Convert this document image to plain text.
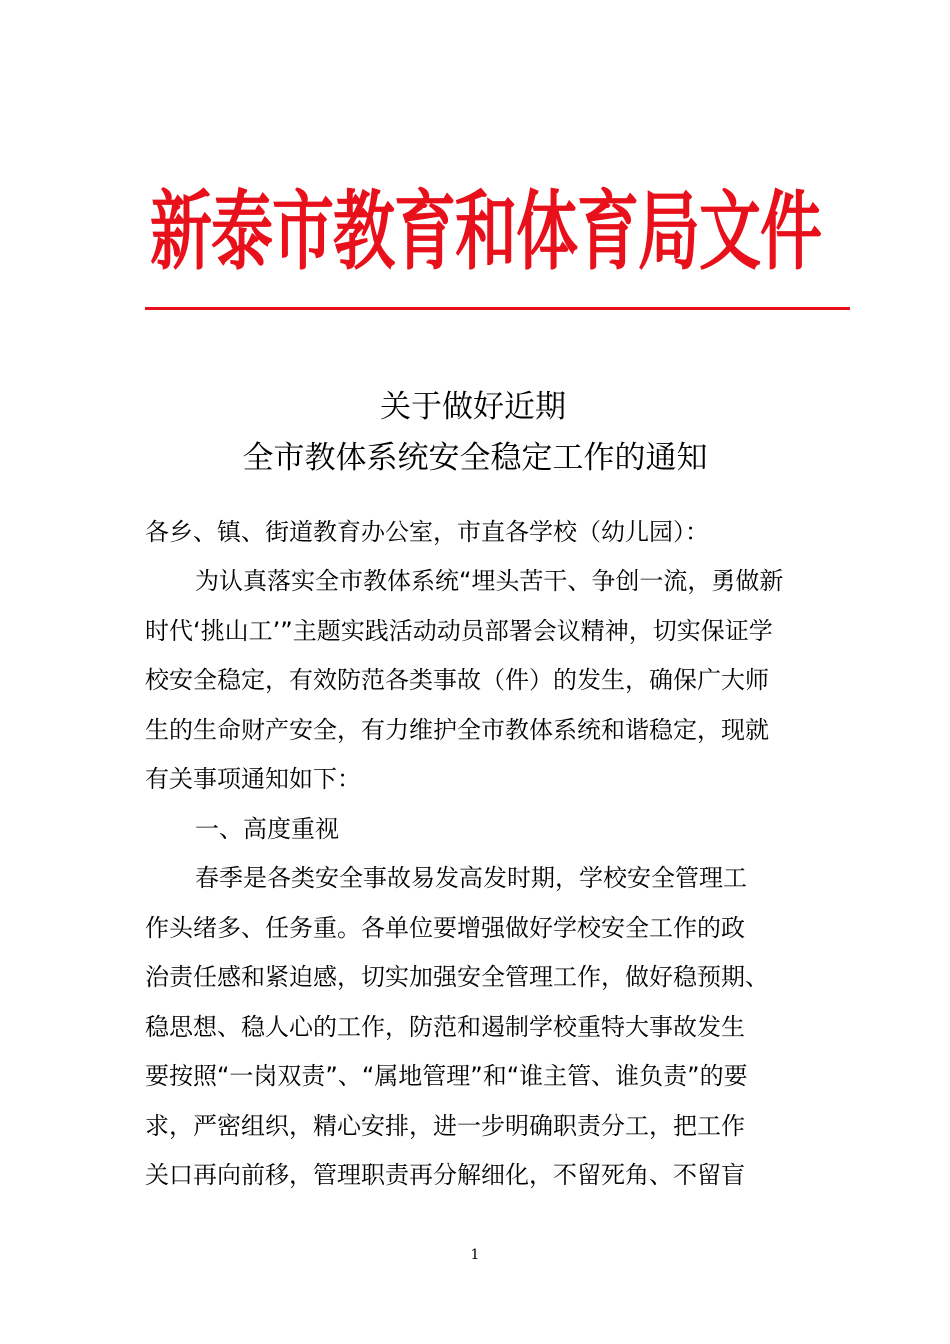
新泰市教育和体育局文件
关于做好近期
全市教体系统安全稳定工作的通知

各乡、镇、街道教育办公室，市直各学校（幼儿园）：

为认真落实全市教体系统“埋头苦干、争创一流，勇做新

时代‘挑山工’”主题实践活动动员部署会议精神，切实保证学

校安全稳定，有效防范各类事故（件）的发生，确保广大师

生的生命财产安全，有力维护全市教体系统和谐稳定，现就

有关事项通知如下：

一、高度重视

春季是各类安全事故易发高发时期，学校安全管理工

作头绪多、任务重。各单位要增强做好学校安全工作的政

治责任感和紧迫感，切实加强安全管理工作，做好稳预期、

稳思想、稳人心的工作，防范和遏制学校重特大事故发生

要按照“一岗双责”、“属地管理”和“谁主管、谁负责”的要

求，严密组织，精心安排，进一步明确职责分工，把工作

关口再向前移，管理职责再分解细化，不留死角、不留盲

1
